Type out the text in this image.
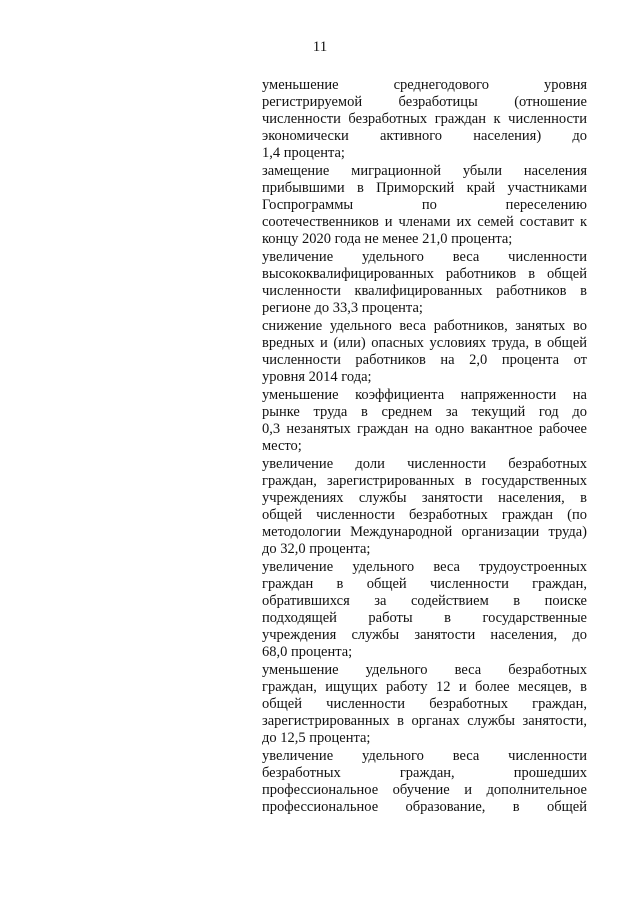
11
уменьшение среднегодового уровня
регистрируемой безработицы (отношение
численности безработных граждан к численности
экономически активного населения) до
1,4 процента;
замещение миграционной убыли населения
прибывшими в Приморский край участниками
Госпрограммы по переселению
соотечественников и членами их семей составит к
концу 2020 года не менее 21,0 процента;
увеличение удельного веса численности
высококвалифицированных работников в общей
численности квалифицированных работников в
регионе до 33,3 процента;
снижение удельного веса работников, занятых во
вредных и (или) опасных условиях труда, в общей
численности работников на 2,0 процента от
уровня 2014 года;
уменьшение коэффициента напряженности на
рынке труда в среднем за текущий год до
0,3 незанятых граждан на одно вакантное рабочее
место;
увеличение доли численности безработных
граждан, зарегистрированных в государственных
учреждениях службы занятости населения, в
общей численности безработных граждан (по
методологии Международной организации труда)
до 32,0 процента;
увеличение удельного веса трудоустроенных
граждан в общей численности граждан,
обратившихся за содействием в поиске
подходящей работы в государственные
учреждения службы занятости населения, до
68,0 процента;
уменьшение удельного веса безработных
граждан, ищущих работу 12 и более месяцев, в
общей численности безработных граждан,
зарегистрированных в органах службы занятости,
до 12,5 процента;
увеличение удельного веса численности
безработных граждан, прошедших
профессиональное обучение и дополнительное
профессиональное образование, в общей
